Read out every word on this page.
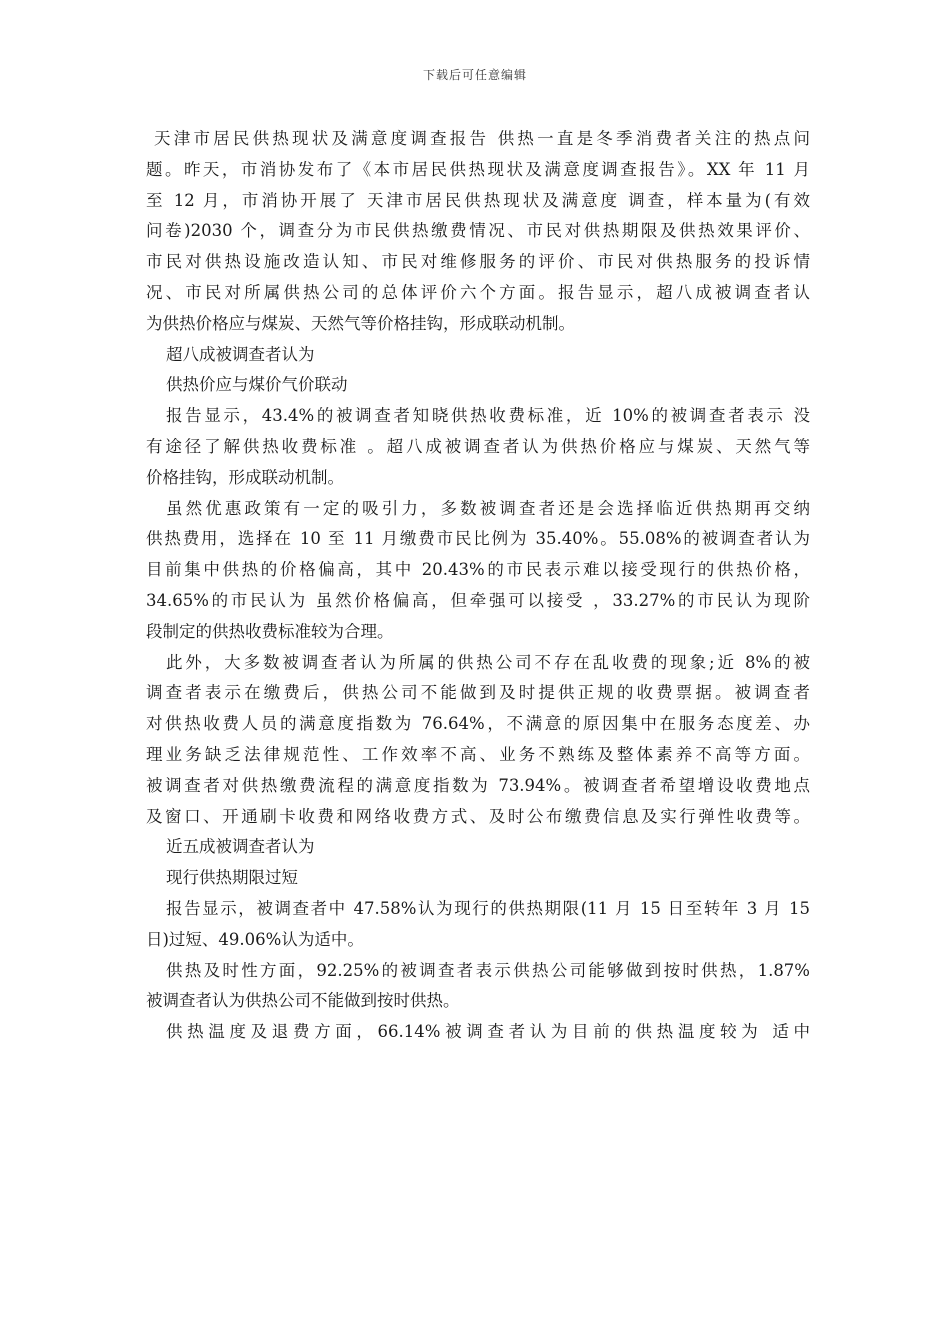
下载后可任意编辑
天津市居民供热现状及满意度调查报告 供热一直是冬季消费者关注的热点问
题。昨天，市消协发布了《本市居民供热现状及满意度调查报告》。XX 年 11 月
至 12 月，市消协开展了 天津市居民供热现状及满意度 调查，样本量为(有效
问卷)2030 个，调查分为市民供热缴费情况、市民对供热期限及供热效果评价、
市民对供热设施改造认知、市民对维修服务的评价、市民对供热服务的投诉情
况、市民对所属供热公司的总体评价六个方面。报告显示，超八成被调查者认
为供热价格应与煤炭、天然气等价格挂钩，形成联动机制。
超八成被调查者认为
供热价应与煤价气价联动
报告显示，43.4%的被调查者知晓供热收费标准，近 10%的被调查者表示 没
有途径了解供热收费标准 。超八成被调查者认为供热价格应与煤炭、天然气等
价格挂钩，形成联动机制。
虽然优惠政策有一定的吸引力，多数被调查者还是会选择临近供热期再交纳
供热费用，选择在 10 至 11 月缴费市民比例为 35.40%。55.08%的被调查者认为
目前集中供热的价格偏高，其中 20.43%的市民表示难以接受现行的供热价格，
34.65%的市民认为 虽然价格偏高，但牵强可以接受 ，33.27%的市民认为现阶
段制定的供热收费标准较为合理。
此外，大多数被调查者认为所属的供热公司不存在乱收费的现象;近 8%的被
调查者表示在缴费后，供热公司不能做到及时提供正规的收费票据。被调查者
对供热收费人员的满意度指数为 76.64%，不满意的原因集中在服务态度差、办
理业务缺乏法律规范性、工作效率不高、业务不熟练及整体素养不高等方面。
被调查者对供热缴费流程的满意度指数为 73.94%。被调查者希望增设收费地点
及窗口、开通刷卡收费和网络收费方式、及时公布缴费信息及实行弹性收费等。
近五成被调查者认为
现行供热期限过短
报告显示，被调查者中 47.58%认为现行的供热期限(11 月 15 日至转年 3 月 15
日)过短、49.06%认为适中。
供热及时性方面，92.25%的被调查者表示供热公司能够做到按时供热，1.87%
被调查者认为供热公司不能做到按时供热。
供热温度及退费方面，66.14%被调查者认为目前的供热温度较为 适中
